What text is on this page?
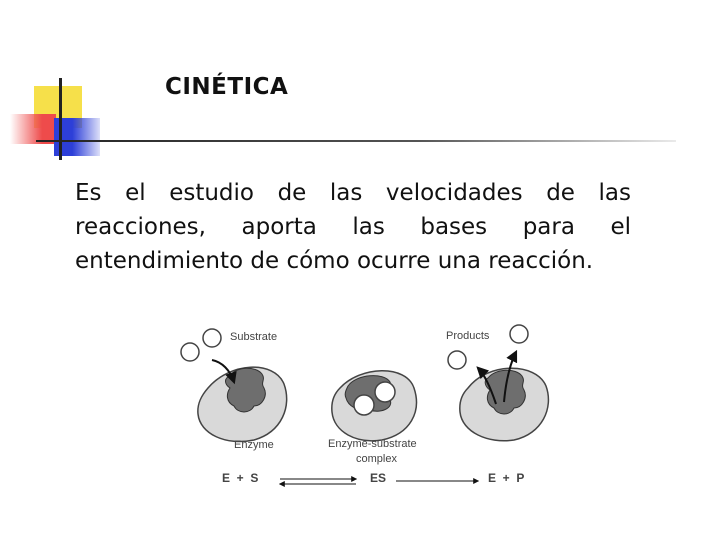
CINÉTICA
Es el estudio de las velocidades de las reacciones, aporta las bases para el entendimiento de cómo ocurre una reacción.
Substrate
Enzyme	Enzyme-substrate
complex
Products
E  +  S	ES	E  +  P
